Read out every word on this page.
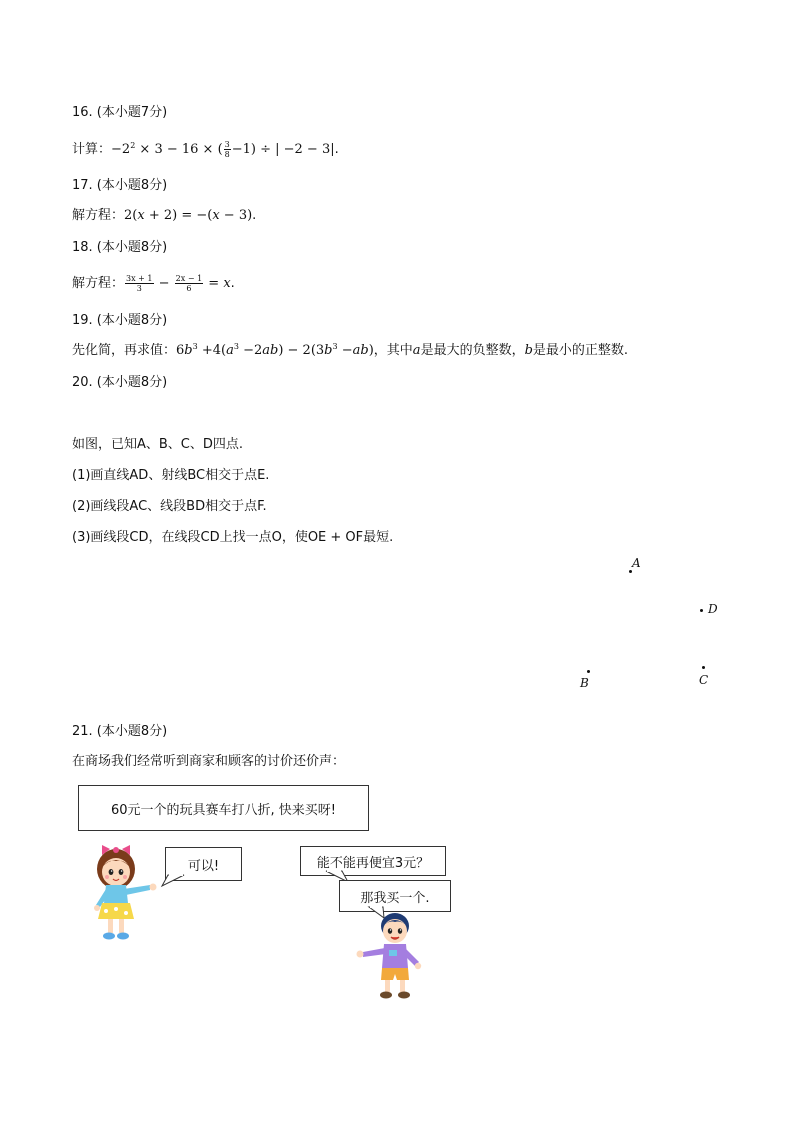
16. (本小题7分)
计算：$-2^2 \times 3 - 16$ × ( $\frac{3}{8} -1$) ÷ | −2 − 3|.
17. (本小题8分)
解方程：2(x + 2) = −(x − 3).
18. (本小题8分)
解方程： $\frac{3x + 1}{3} - \frac{2x - 1}{6} = x$.
19. (本小题8分)
先化简，再求值：$6b^3 +4(a^3 -2ab) - 2(3b^3 -ab)$，其中a是最大的负整数，b是最小的正整数.
20. (本小题8分)
如图，已知A、B、C、D四点.
(1)画直线AD、射线BC相交于点E.
(2)画线段AC、线段BD相交于点F.
(3)画线段CD，在线段CD上找一点O，使OE + OF最短.
A
D
B	C
21. (本小题8分)
在商场我们经常听到商家和顾客的讨价还价声：
60元一个的玩具赛车打八折, 快来买呀!
可以!	能不能再便宜3元？
那我买一个.
